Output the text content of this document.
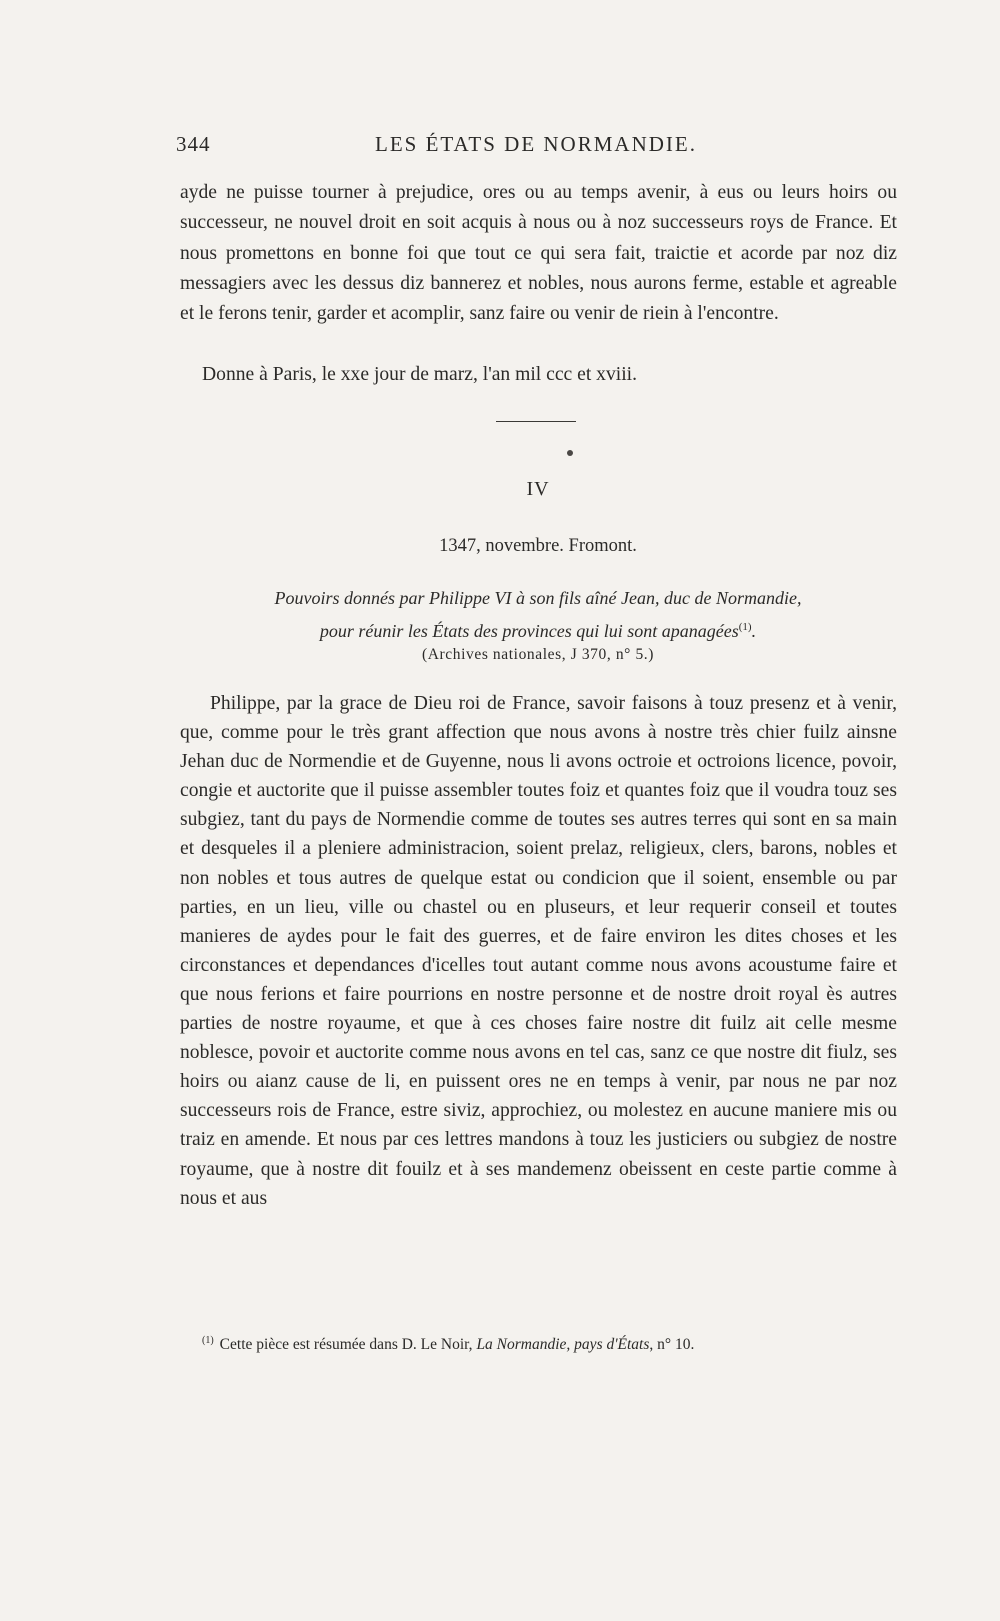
344	LES ÉTATS DE NORMANDIE.

ayde ne puisse tourner à prejudice, ores ou au temps avenir, à eus ou leurs hoirs ou successeur, ne nouvel droit en soit acquis à nous ou à noz successeurs roys de France. Et nous promettons en bonne foi que tout ce qui sera fait, traictie et acorde par noz diz messagiers avec les dessus diz bannerez et nobles, nous aurons ferme, estable et agreable et le ferons tenir, garder et acomplir, sanz faire ou venir de riein à l'encontre.

Donne à Paris, le xxe jour de marz, l'an mil ccc et xviii.

IV
1347, novembre. Fromont.
Pouvoirs donnés par Philippe VI à son fils aîné Jean, duc de Normandie,
pour réunir les États des provinces qui lui sont apanagées$^{(1)}$.
(Archives nationales, J 370, n° 5.)

Philippe, par la grace de Dieu roi de France, savoir faisons à touz presenz et à venir, que, comme pour le très grant affection que nous avons à nostre très chier fuilz ainsne Jehan duc de Normendie et de Guyenne, nous li avons octroie et octroions licence, povoir, congie et auctorite que il puisse assembler toutes foiz et quantes foiz que il voudra touz ses subgiez, tant du pays de Normendie comme de toutes ses autres terres qui sont en sa main et desqueles il a pleniere administracion, soient prelaz, religieux, clers, barons, nobles et non nobles et tous autres de quelque estat ou condicion que il soient, ensemble ou par parties, en un lieu, ville ou chastel ou en pluseurs, et leur requerir conseil et toutes manieres de aydes pour le fait des guerres, et de faire environ les dites choses et les circonstances et dependances d'icelles tout autant comme nous avons acoustume faire et que nous ferions et faire pourrions en nostre personne et de nostre droit royal ès autres parties de nostre royaume, et que à ces choses faire nostre dit fuilz ait celle mesme noblesce, povoir et auctorite comme nous avons en tel cas, sanz ce que nostre dit fiulz, ses hoirs ou aianz cause de li, en puissent ores ne en temps à venir, par nous ne par noz successeurs rois de France, estre siviz, approchiez, ou molestez en aucune maniere mis ou traiz en amende. Et nous par ces lettres mandons à touz les justiciers ou subgiez de nostre royaume, que à nostre dit fouilz et à ses mandemenz obeissent en ceste partie comme à nous et aus

$^{(1)}$ Cette pièce est résumée dans D. Le Noir, La Normandie, pays d'États, n° 10.
